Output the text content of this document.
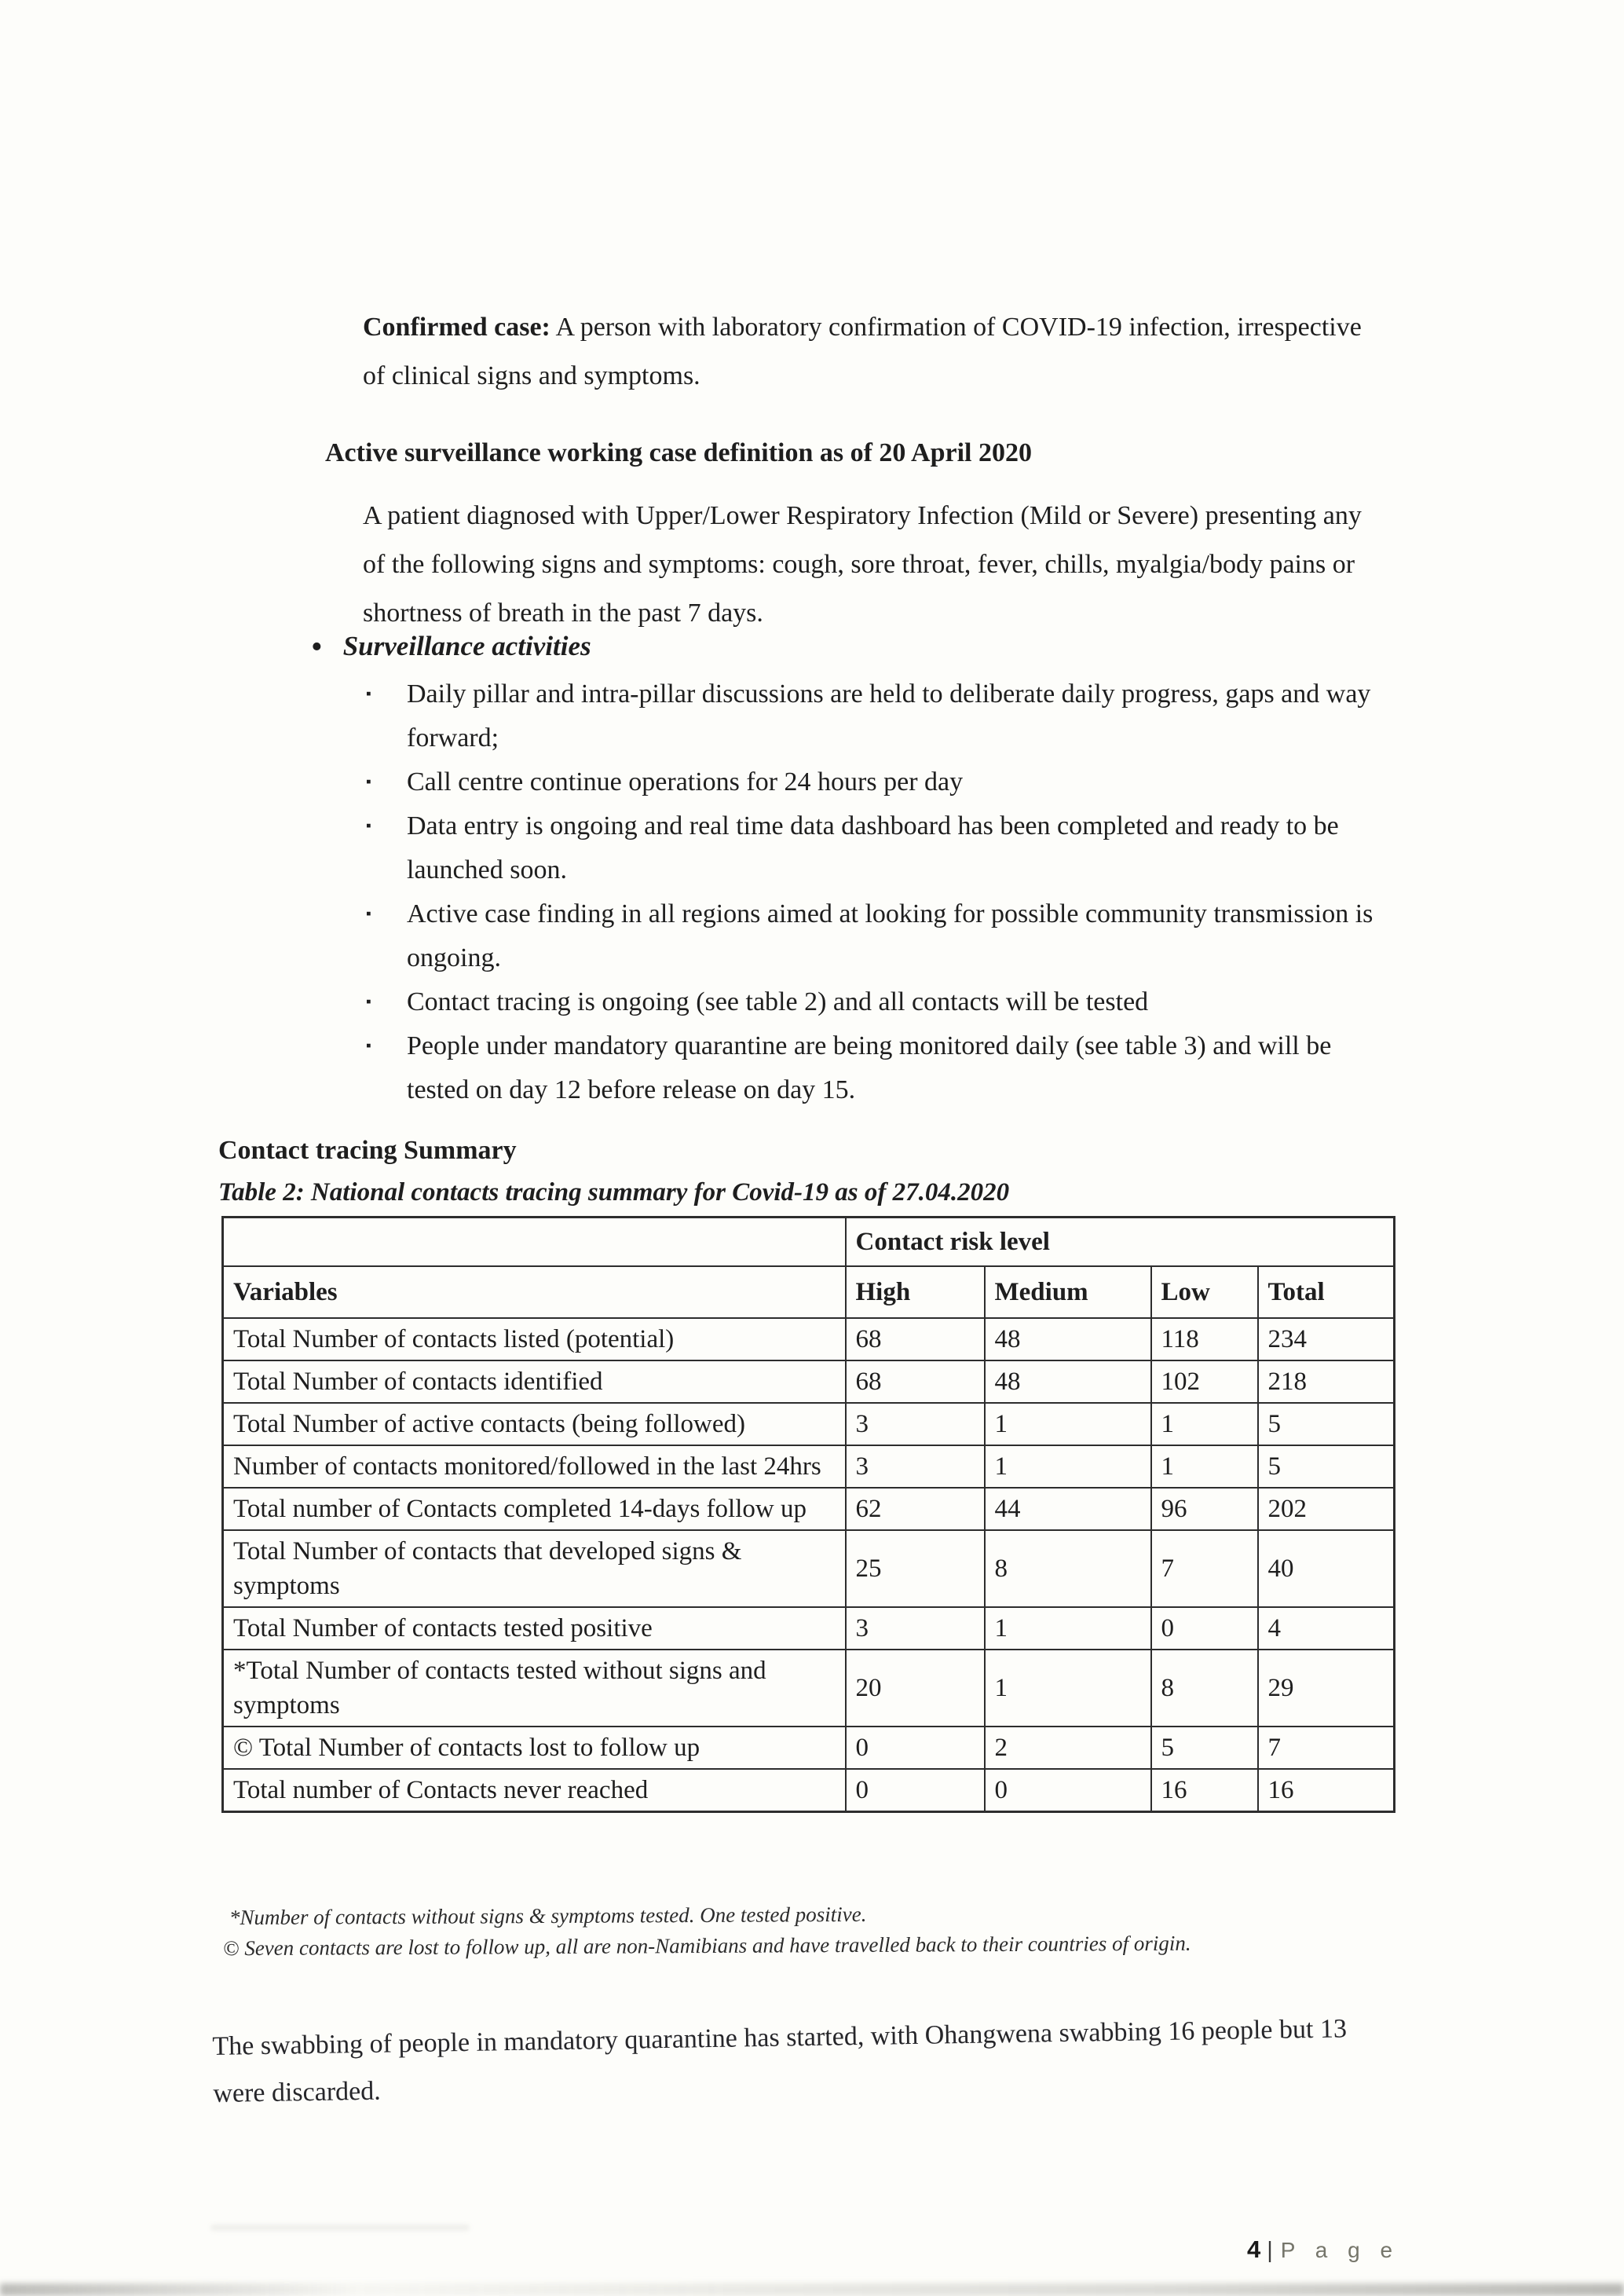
Confirmed case: A person with laboratory confirmation of COVID-19 infection, irrespective of clinical signs and symptoms.

Active surveillance working case definition as of 20 April 2020

A patient diagnosed with Upper/Lower Respiratory Infection (Mild or Severe) presenting any of the following signs and symptoms: cough, sore throat, fever, chills, myalgia/body pains or shortness of breath in the past 7 days.

• Surveillance activities
▪ Daily pillar and intra-pillar discussions are held to deliberate daily progress, gaps and way forward;
▪ Call centre continue operations for 24 hours per day
▪ Data entry is ongoing and real time data dashboard has been completed and ready to be launched soon.
▪ Active case finding in all regions aimed at looking for possible community transmission is ongoing.
▪ Contact tracing is ongoing (see table 2) and all contacts will be tested
▪ People under mandatory quarantine are being monitored daily (see table 3) and will be tested on day 12 before release on day 15.
Contact tracing Summary
Table 2: National contacts tracing summary for Covid-19 as of 27.04.2020
	Contact risk level			
Variables	High	Medium	Low	Total
Total Number of contacts listed (potential)	68	48	118	234
Total Number of contacts identified	68	48	102	218
Total Number of active contacts (being followed)	3	1	1	5
Number of contacts monitored/followed in the last 24hrs	3	1	1	5
Total number of Contacts completed 14-days follow up	62	44	96	202
Total Number of contacts that developed signs & symptoms	25	8	7	40
Total Number of contacts tested positive	3	1	0	4
*Total Number of contacts tested without signs and symptoms	20	1	8	29
© Total Number of contacts lost to follow up	0	2	5	7
Total number of Contacts never reached	0	0	16	16
*Number of contacts without signs & symptoms tested. One tested positive.
© Seven contacts are lost to follow up, all are non-Namibians and have travelled back to their countries of origin.

The swabbing of people in mandatory quarantine has started, with Ohangwena swabbing 16 people but 13 were discarded.

4 | P a g e
